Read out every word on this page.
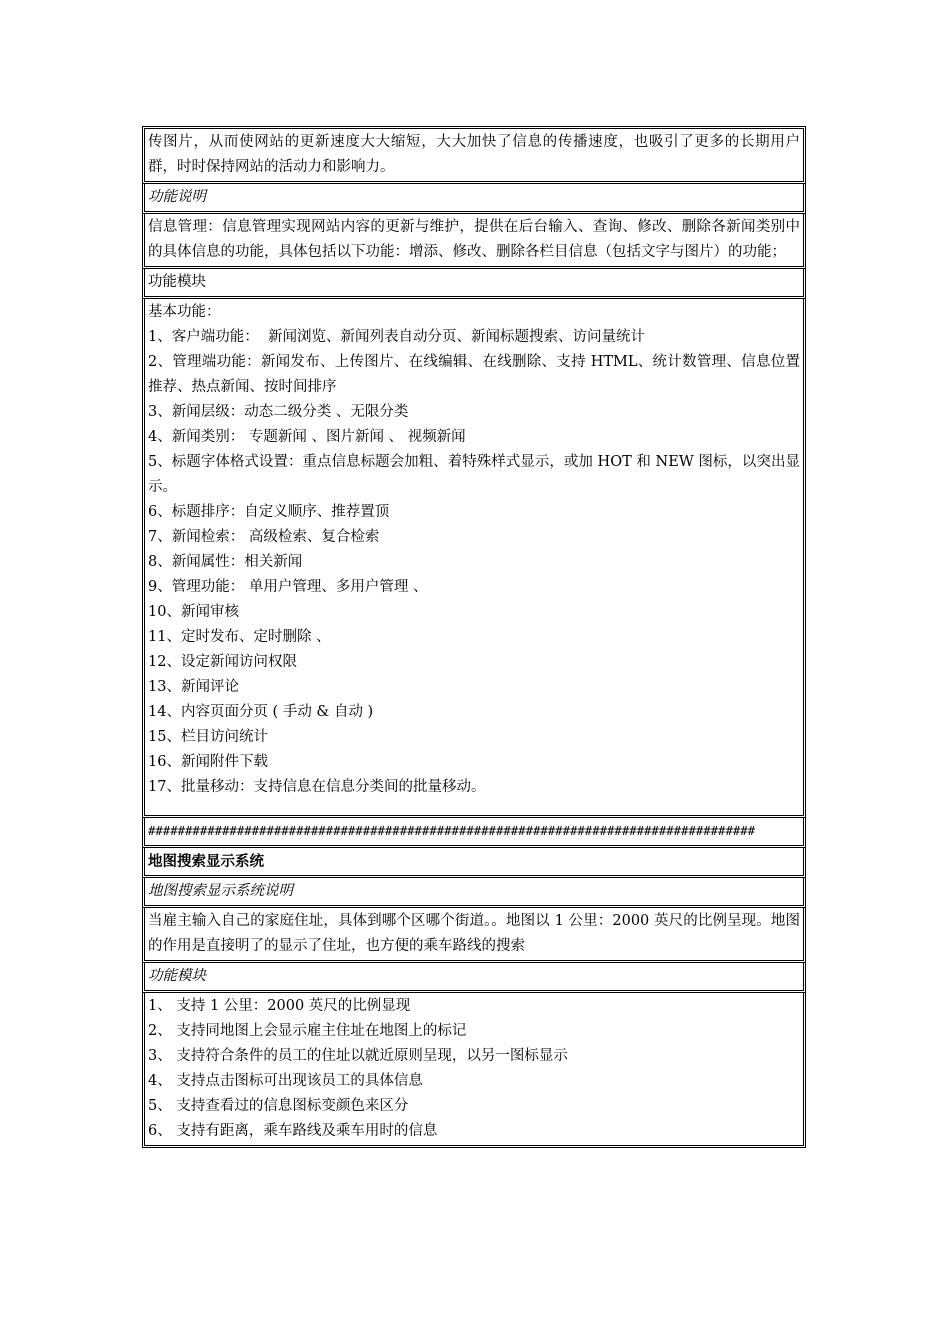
传图片，从而使网站的更新速度大大缩短，大大加快了信息的传播速度，也吸引了更多的长期用户群，时时保持网站的活动力和影响力。
功能说明
信息管理：信息管理实现网站内容的更新与维护，提供在后台输入、查询、修改、删除各新闻类别中的具体信息的功能，具体包括以下功能：增添、修改、删除各栏目信息（包括文字与图片）的功能；
功能模块
基本功能：
1、客户端功能：  新闻浏览、新闻列表自动分页、新闻标题搜索、访问量统计
2、管理端功能：新闻发布、上传图片、在线编辑、在线删除、支持 HTML、统计数管理、信息位置推荐、热点新闻、按时间排序
3、新闻层级：动态二级分类 、无限分类
4、新闻类别： 专题新闻 、图片新闻 、 视频新闻
5、标题字体格式设置：重点信息标题会加粗、着特殊样式显示，或加 HOT 和 NEW 图标，以突出显示。
6、标题排序：自定义顺序、推荐置顶
7、新闻检索： 高级检索、复合检索
8、新闻属性：相关新闻
9、管理功能： 单用户管理、多用户管理 、
10、新闻审核
11、定时发布、定时删除 、
12、设定新闻访问权限
13、新闻评论
14、内容页面分页 ( 手动 & 自动 )
15、栏目访问统计
16、新闻附件下载
17、批量移动：支持信息在信息分类间的批量移动。
##################################################################################
地图搜索显示系统
地图搜索显示系统说明
当雇主输入自己的家庭住址，具体到哪个区哪个街道。。地图以 1 公里：2000 英尺的比例呈现。地图的作用是直接明了的显示了住址，也方便的乘车路线的搜索
功能模块
1、 支持 1 公里：2000 英尺的比例显现
2、 支持同地图上会显示雇主住址在地图上的标记
3、 支持符合条件的员工的住址以就近原则呈现，以另一图标显示
4、 支持点击图标可出现该员工的具体信息
5、 支持查看过的信息图标变颜色来区分
6、 支持有距离，乘车路线及乘车用时的信息
